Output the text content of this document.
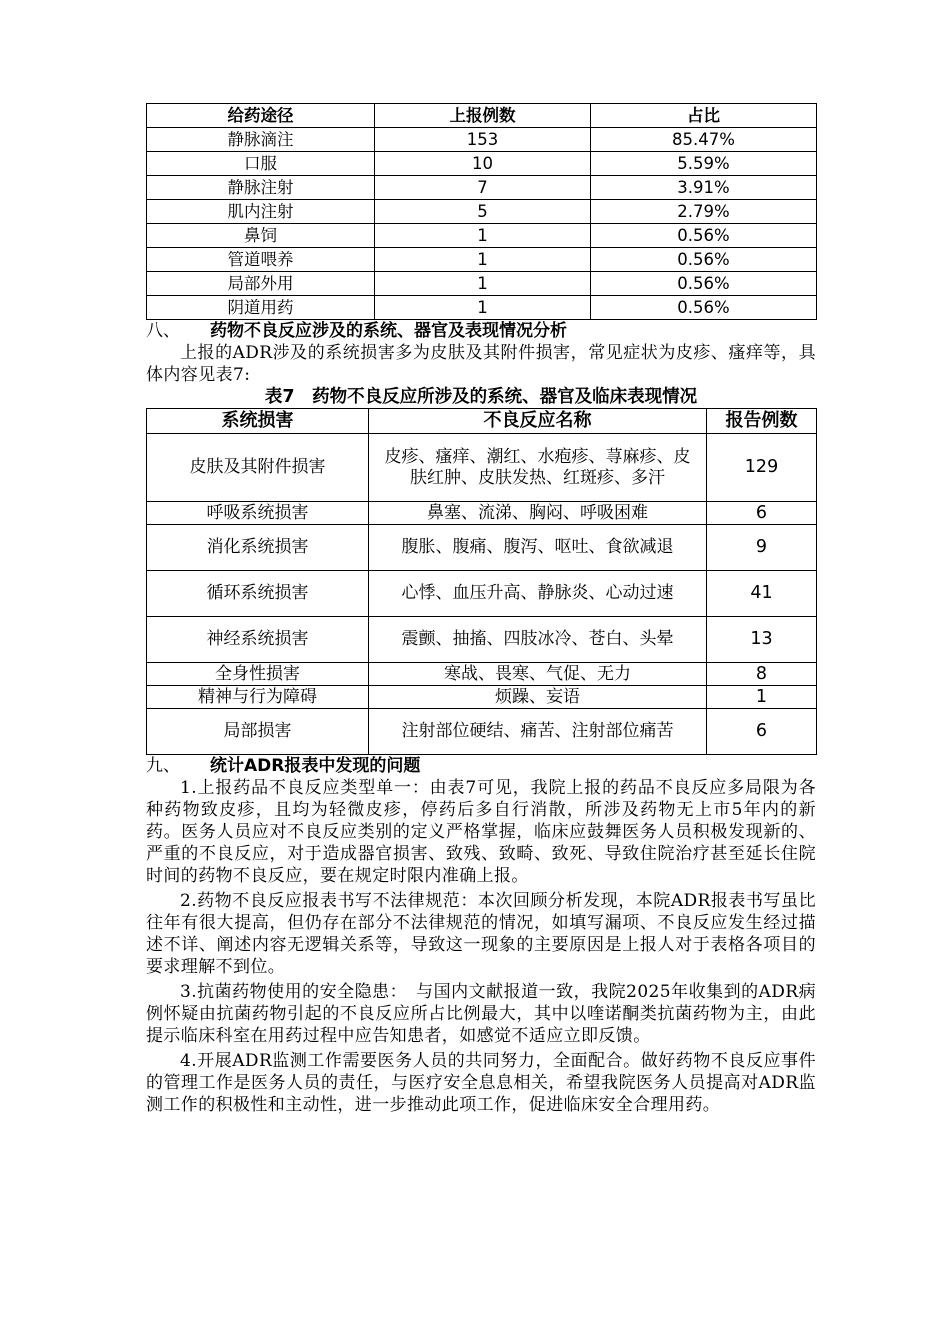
给药途径	上报例数	占比
静脉滴注	153	85.47%
口服	10	5.59%
静脉注射	7	3.91%
肌内注射	5	2.79%
鼻饲	1	0.56%
管道喂养	1	0.56%
局部外用	1	0.56%
阴道用药	1	0.56%
八、 药物不良反应涉及的系统、器官及表现情况分析

上报的ADR涉及的系统损害多为皮肤及其附件损害，常见症状为皮疹、瘙痒等，具体内容见表7:

表7　药物不良反应所涉及的系统、器官及临床表现情况
系统损害	不良反应名称	报告例数
皮肤及其附件损害	皮疹、瘙痒、潮红、水疱疹、荨麻疹、皮肤红肿、皮肤发热、红斑疹、多汗	129
呼吸系统损害	鼻塞、流涕、胸闷、呼吸困难	6
消化系统损害	腹胀、腹痛、腹泻、呕吐、食欲减退	9
循环系统损害	心悸、血压升高、静脉炎、心动过速	41
神经系统损害	震颤、抽搐、四肢冰冷、苍白、头晕	13
全身性损害	寒战、畏寒、气促、无力	8
精神与行为障碍	烦躁、妄语	1
局部损害	注射部位硬结、痛苦、注射部位痛苦	6
九、 统计ADR报表中发现的问题

1.上报药品不良反应类型单一：由表7可见，我院上报的药品不良反应多局限为各种药物致皮疹，且均为轻微皮疹，停药后多自行消散，所涉及药物无上市5年内的新药。医务人员应对不良反应类别的定义严格掌握，临床应鼓舞医务人员积极发现新的、严重的不良反应，对于造成器官损害、致残、致畸、致死、导致住院治疗甚至延长住院时间的药物不良反应，要在规定时限内准确上报。

2.药物不良反应报表书写不法律规范：本次回顾分析发现，本院ADR报表书写虽比往年有很大提高，但仍存在部分不法律规范的情况，如填写漏项、不良反应发生经过描述不详、阐述内容无逻辑关系等，导致这一现象的主要原因是上报人对于表格各项目的要求理解不到位。

3.抗菌药物使用的安全隐患：　与国内文献报道一致，我院2025年收集到的ADR病例怀疑由抗菌药物引起的不良反应所占比例最大，其中以喹诺酮类抗菌药物为主，由此提示临床科室在用药过程中应告知患者，如感觉不适应立即反馈。

4.开展ADR监测工作需要医务人员的共同努力，全面配合。做好药物不良反应事件的管理工作是医务人员的责任，与医疗安全息息相关，希望我院医务人员提高对ADR监测工作的积极性和主动性，进一步推动此项工作，促进临床安全合理用药。
